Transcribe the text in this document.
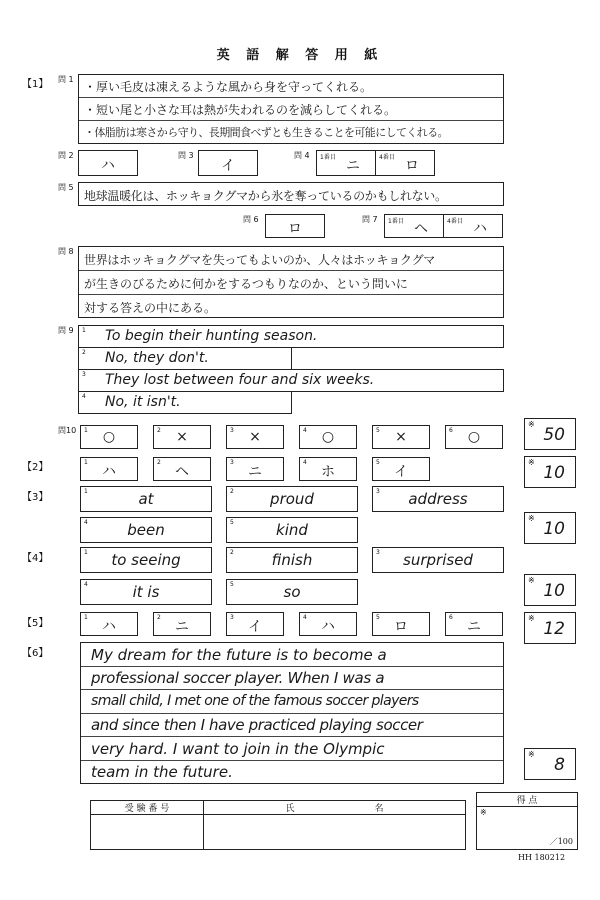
英 語 解 答 用 紙
【1】 問 1
・厚い毛皮は凍えるような風から身を守ってくれる。
・短い尾と小さな耳は熱が失われるのを減らしてくれる。
・体脂肪は寒さから守り、長期間食べずとも生きることを可能にしてくれる。
問 2
ハ
問 3
イ
問 4 1番目
ニ
4番目
ロ
問 5
地球温暖化は、ホッキョクグマから氷を奪っているのかもしれない。
問 6
ロ
問 7 1番目 ヘ	4番目 ハ
問 8
世界はホッキョクグマを失ってもよいのか、人々はホッキョクグマ
が生きのびるために何かをするつもりなのか、という問いに
対する答えの中にある。
問 9 1 To begin their hunting season.
2 No, they don't.
3 They lost between four and six weeks.
4 No, it isn't.
問10 1	○	2	×	3	×	4	○	5	×	6	○
※
50
【2】	1
ハ
2
ヘ
3
ニ
4
ホ
5
イ
※
10
【3】
1	at	2	proud	3	address
4	been	5	kind
※
10
【4】
1	to seeing	2	finish	3	surprised
4	it is	5	so
※
10
【5】
1
ハ
2
ニ
3
イ
4
ハ
5
ロ
6
ニ
※
12
【6】	My dream for the future is to become a
professional soccer player. When I was a
small child, I met one of the famous soccer players
and since then I have practiced playing soccer
very hard. I want to join in the Olympic
team in the future.
※
8
受 験 番 号	氏 名

得 点

※
／100
HH 180212
